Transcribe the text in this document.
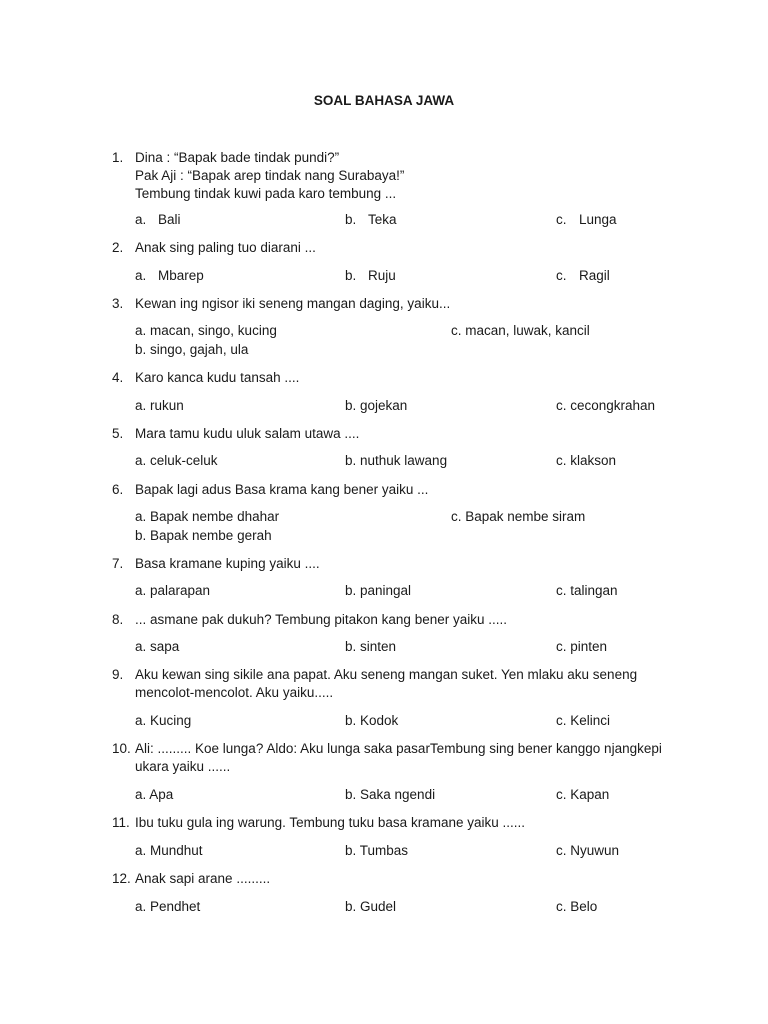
SOAL BAHASA JAWA
1. Dina : “Bapak bade tindak pundi?”
Pak Aji : “Bapak arep tindak nang Surabaya!”
Tembung tindak kuwi pada karo tembung ...
a. Bali	b. Teka	c. Lunga
2. Anak sing paling tuo diarani ...
a. Mbarep	b. Ruju	c. Ragil
3. Kewan ing ngisor iki seneng mangan daging, yaiku...
a. macan, singo, kucing	c. macan, luwak, kancil
b. singo, gajah, ula
4. Karo kanca kudu tansah ....
a. rukun	b. gojekan	c. cecongkrahan
5. Mara tamu kudu uluk salam utawa ....
a. celuk-celuk	b. nuthuk lawang	c. klakson
6. Bapak lagi adus Basa krama kang bener yaiku ...
a. Bapak nembe dhahar	c. Bapak nembe siram
b. Bapak nembe gerah
7. Basa kramane kuping yaiku ....
a. palarapan	b. paningal	c. talingan
8. ... asmane pak dukuh? Tembung pitakon kang bener yaiku .....
a. sapa	b. sinten	c. pinten
9. Aku kewan sing sikile ana papat. Aku seneng mangan suket. Yen mlaku aku seneng
mencolot-mencolot. Aku yaiku.....
a. Kucing	b. Kodok	c. Kelinci
10. Ali: ......... Koe lunga? Aldo: Aku lunga saka pasarTembung sing bener kanggo njangkepi
ukara yaiku ......
a. Apa	b. Saka ngendi	c. Kapan
11. Ibu tuku gula ing warung. Tembung tuku basa kramane yaiku ......
a. Mundhut	b. Tumbas	c. Nyuwun
12. Anak sapi arane .........
a. Pendhet	b. Gudel	c. Belo
